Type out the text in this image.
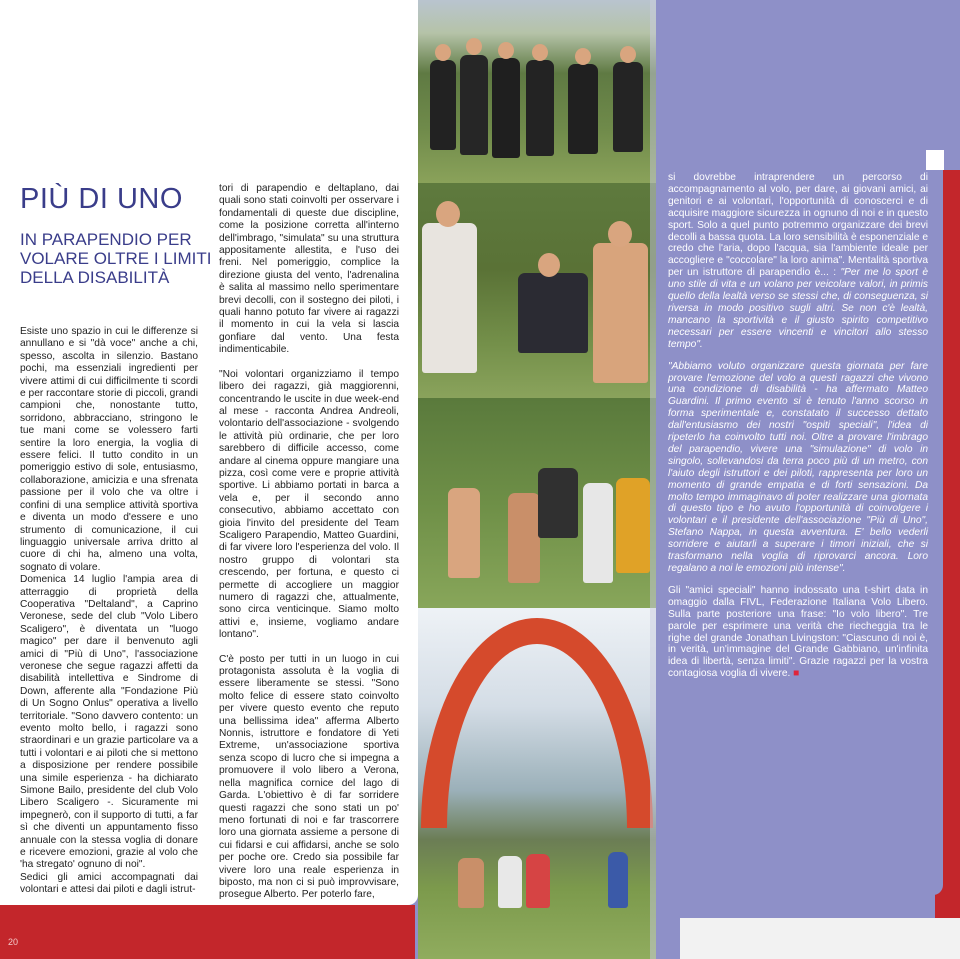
20
PIÙ DI UNO
IN PARAPENDIO PER VOLARE OLTRE I LIMITI DELLA DISABILITÀ

Esiste uno spazio in cui le differenze si annullano e si "dà voce" anche a chi, spesso, ascolta in silenzio. Bastano pochi, ma essenziali ingredienti per vivere attimi di cui difficilmente ti scordi e per raccontare storie di piccoli, grandi campioni che, nonostante tutto, sorridono, abbracciano, stringono le tue mani come se volessero farti sentire la loro energia, la voglia di essere felici. Il tutto condito in un pomeriggio estivo di sole, entusiasmo, collaborazione, amicizia e una sfrenata passione per il volo che va oltre i confini di una semplice attività sportiva e diventa un modo d'essere e uno strumento di comunicazione, il cui linguaggio universale arriva dritto al cuore di chi ha, almeno una volta, sognato di volare.

Domenica 14 luglio l'ampia area di atterraggio di proprietà della Cooperativa "Deltaland", a Caprino Veronese, sede del club "Volo Libero Scaligero", è diventata un "luogo magico" per dare il benvenuto agli amici di "Più di Uno", l'associazione veronese che segue ragazzi affetti da disabilità intellettiva e Sindrome di Down, afferente alla "Fondazione Più di Un Sogno Onlus" operativa a livello territoriale. "Sono davvero contento: un evento molto bello, i ragazzi sono straordinari e un grazie particolare va a tutti i volontari e ai piloti che si mettono a disposizione per rendere possibile una simile esperienza - ha dichiarato Simone Bailo, presidente del club Volo Libero Scaligero -. Sicuramente mi impegnerò, con il supporto di tutti, a far sì che diventi un appuntamento fisso annuale con la stessa voglia di donare e ricevere emozioni, grazie al volo che 'ha stregato' ognuno di noi".

Sedici gli amici accompagnati dai volontari e attesi dai piloti e dagli istrut-

tori di parapendio e deltaplano, dai quali sono stati coinvolti per osservare i fondamentali di queste due discipline, come la posizione corretta all'interno dell'imbrago, "simulata" su una struttura appositamente allestita, e l'uso dei freni. Nel pomeriggio, complice la direzione giusta del vento, l'adrenalina è salita al massimo nello sperimentare brevi decolli, con il sostegno dei piloti, i quali hanno potuto far vivere ai ragazzi il momento in cui la vela si lascia gonfiare dal vento. Una festa indimenticabile.

"Noi volontari organizziamo il tempo libero dei ragazzi, già maggiorenni, concentrando le uscite in due week-end al mese - racconta Andrea Andreoli, volontario dell'associazione - svolgendo le attività più ordinarie, che per loro sarebbero di difficile accesso, come andare al cinema oppure mangiare una pizza, così come vere e proprie attività sportive. Li abbiamo portati in barca a vela e, per il secondo anno consecutivo, abbiamo accettato con gioia l'invito del presidente del Team Scaligero Parapendio, Matteo Guardini, di far vivere loro l'esperienza del volo. Il nostro gruppo di volontari sta crescendo, per fortuna, e questo ci permette di accogliere un maggior numero di ragazzi che, attualmente, sono circa venticinque. Siamo molto attivi e, insieme, vogliamo andare lontano".

C'è posto per tutti in un luogo in cui protagonista assoluta è la voglia di essere liberamente se stessi. "Sono molto felice di essere stato coinvolto per vivere questo evento che reputo una bellissima idea" afferma Alberto Nonnis, istruttore e fondatore di Yeti Extreme, un'associazione sportiva senza scopo di lucro che si impegna a promuovere il volo libero a Verona, nella magnifica cornice del lago di Garda. L'obiettivo è di far sorridere questi ragazzi che sono stati un po' meno fortunati di noi e far trascorrere loro una giornata assieme a persone di cui fidarsi e cui affidarsi, anche se solo per poche ore. Credo sia possibile far vivere loro una reale esperienza in biposto, ma non ci si può improvvisare, prosegue Alberto. Per poterlo fare,

si dovrebbe intraprendere un percorso di accompagnamento al volo, per dare, ai giovani amici, ai genitori e ai volontari, l'opportunità di conoscerci e di acquisire maggiore sicurezza in ognuno di noi e in questo sport. Solo a quel punto potremmo organizzare dei brevi decolli a bassa quota. La loro sensibilità è esponenziale e credo che l'aria, dopo l'acqua, sia l'ambiente ideale per accogliere e "coccolare" la loro anima". Mentalità sportiva per un istruttore di parapendio è... : "Per me lo sport è uno stile di vita e un volano per veicolare valori, in primis quello della lealtà verso se stessi che, di conseguenza, si riversa in modo positivo sugli altri. Se non c'è lealtà, mancano la sportività e il giusto spirito competitivo necessari per essere vincenti e vincitori allo stesso tempo".

"Abbiamo voluto organizzare questa giornata per fare provare l'emozione del volo a questi ragazzi che vivono una condizione di disabilità - ha affermato Matteo Guardini. Il primo evento si è tenuto l'anno scorso in forma sperimentale e, constatato il successo dettato dall'entusiasmo dei nostri "ospiti speciali", l'idea di ripeterlo ha coinvolto tutti noi. Oltre a provare l'imbrago del parapendio, vivere una "simulazione" di volo in singolo, sollevandosi da terra poco più di un metro, con l'aiuto degli istruttori e dei piloti, rappresenta per loro un momento di grande empatia e di forti sensazioni. Da molto tempo immaginavo di poter realizzare una giornata di questo tipo e ho avuto l'opportunità di coinvolgere i volontari e il presidente dell'associazione "Più di Uno", Stefano Nappa, in questa avventura. E' bello vederli sorridere e aiutarli a superare i timori iniziali, che si trasformano nella voglia di riprovarci ancora. Loro regalano a noi le emozioni più intense".

Gli "amici speciali" hanno indossato una t-shirt data in omaggio dalla FIVL, Federazione Italiana Volo Libero. Sulla parte posteriore una frase: "Io volo libero". Tre parole per esprimere una verità che riecheggia tra le righe del grande Jonathan Livingston: "Ciascuno di noi è, in verità, un'immagine del Grande Gabbiano, un'infinita idea di libertà, senza limiti". Grazie ragazzi per la vostra contagiosa voglia di vivere. ■
